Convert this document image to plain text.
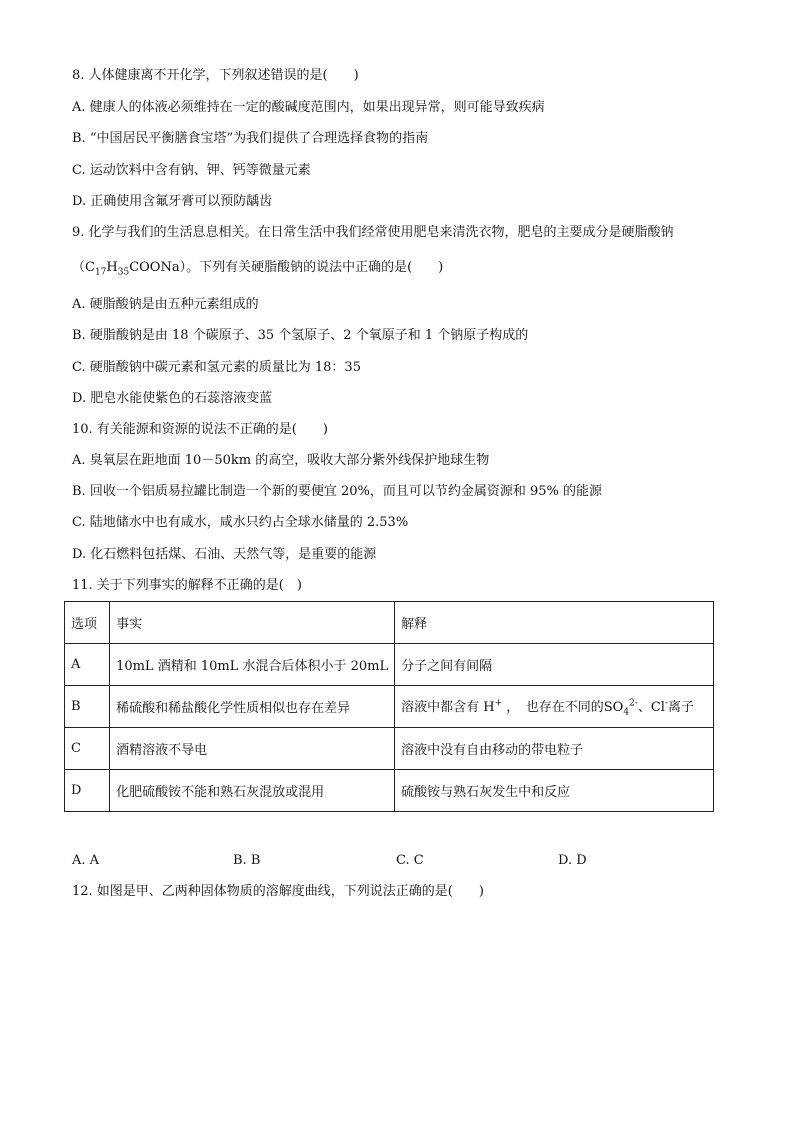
8. 人体健康离不开化学，下列叙述错误的是(　　)
A. 健康人的体液必须维持在一定的酸碱度范围内，如果出现异常，则可能导致疾病
B. “中国居民平衡膳食宝塔”为我们提供了合理选择食物的指南
C. 运动饮料中含有钠、钾、钙等微量元素
D. 正确使用含氟牙膏可以预防龋齿
9. 化学与我们的生活息息相关。在日常生活中我们经常使用肥皂来清洗衣物，肥皂的主要成分是硬脂酸钠
$(C_{17}H_{35}COONa)$。下列有关硬脂酸钠的说法中正确的是(　　)
A. 硬脂酸钠是由五种元素组成的
B. 硬脂酸钠是由 18 个碳原子、35 个氢原子、2 个氧原子和 1 个钠原子构成的
C. 硬脂酸钠中碳元素和氢元素的质量比为 18：35
D. 肥皂水能使紫色的石蕊溶液变蓝
10. 有关能源和资源的说法不正确的是(　　)
A. 臭氧层在距地面 10－50km 的高空，吸收大部分紫外线保护地球生物
B. 回收一个铝质易拉罐比制造一个新的要便宜 20%，而且可以节约金属资源和 95% 的能源
C. 陆地储水中也有咸水，咸水只约占全球水储量的 2.53%
D. 化石燃料包括煤、石油、天然气等，是重要的能源
11. 关于下列事实的解释不正确的是(　)
选项	事实	解释
A	10mL 酒精和 10mL 水混合后体积小于 20mL	分子之间有间隔
B	稀硫酸和稀盐酸化学性质相似也存在差异	溶液中都含有 H+ ，　也存在不同的$SO_4^{2-}$、Cl-离子
C	酒精溶液不导电	溶液中没有自由移动的带电粒子
D	化肥硫酸铵不能和熟石灰混放或混用	硫酸铵与熟石灰发生中和反应
A. A	B. B	C. C	D. D
12. 如图是甲、乙两种固体物质的溶解度曲线，下列说法正确的是(　　)
